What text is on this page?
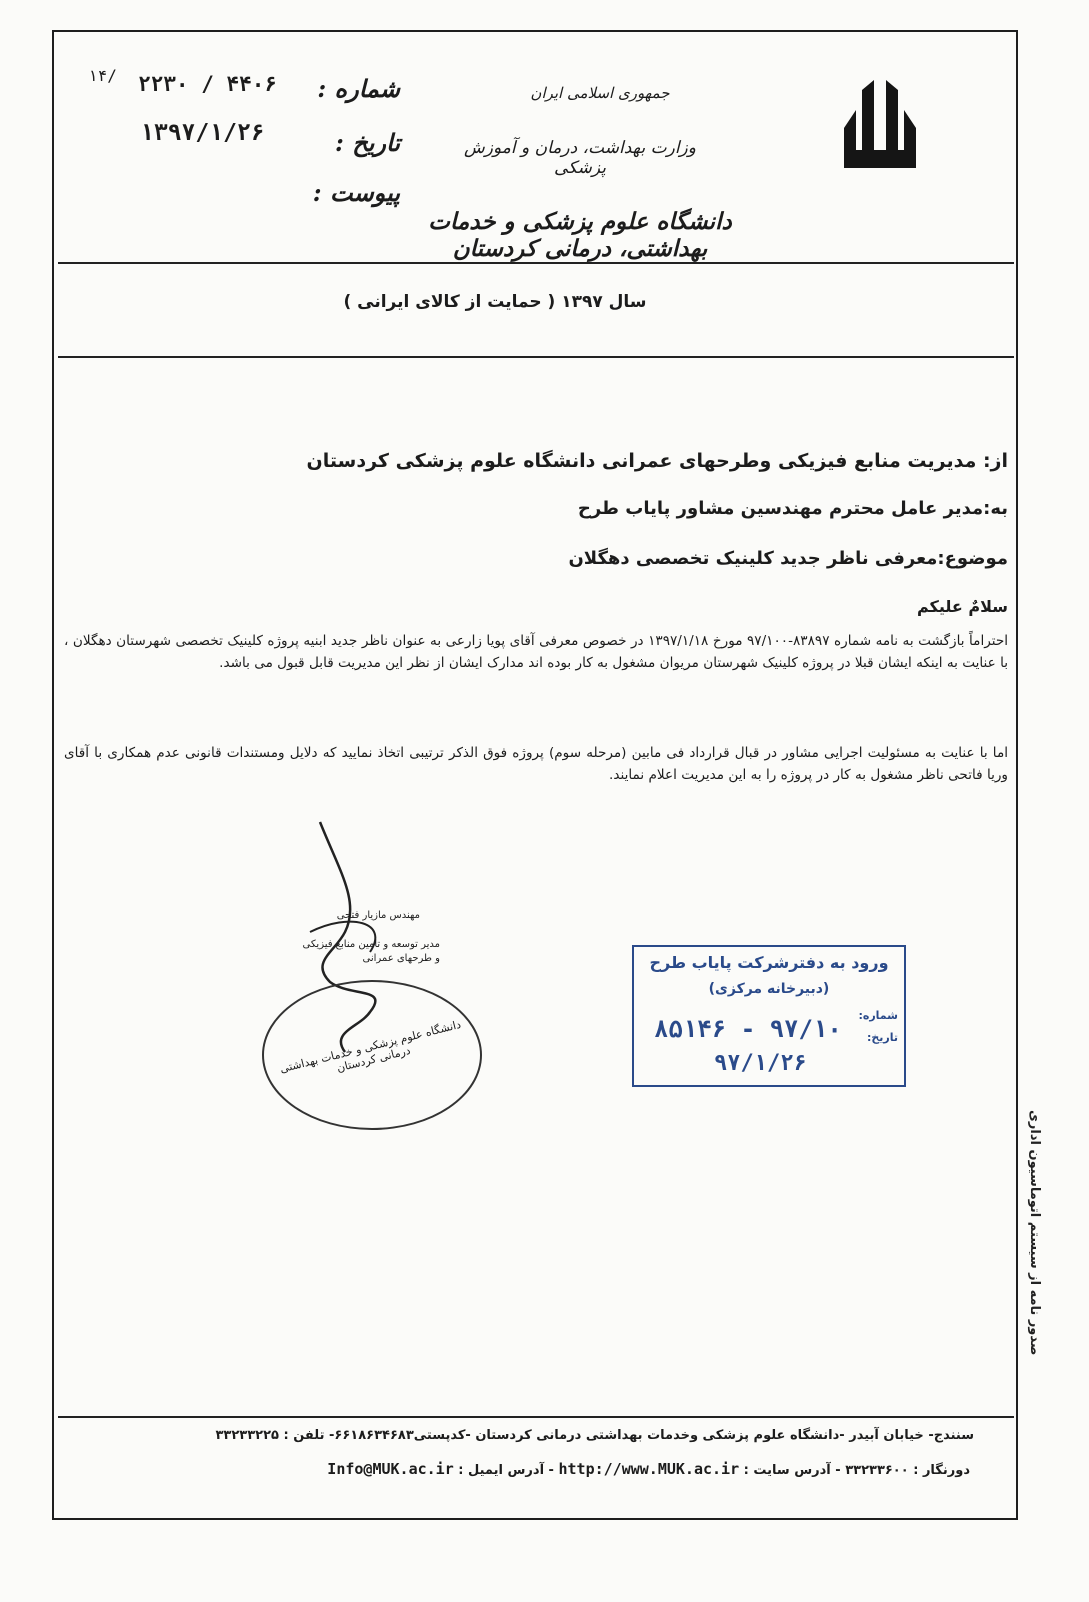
جمهوری اسلامی ایران
وزارت بهداشت، درمان و آموزش پزشکی
دانشگاه علوم پزشکی و خدمات بهداشتی، درمانی کردستان
شماره :
تاریخ :
پیوست :
۱۴/	۲۲۳۰ / ۴۴۰۶
۱۳۹۷/۱/۲۶
سال ۱۳۹۷ ( حمایت از کالای ایرانی )
از: مدیریت منابع فیزیکی وطرحهای عمرانی دانشگاه علوم پزشکی کردستان
به:مدیر عامل محترم مهندسین مشاور پایاب طرح
موضوع:معرفی ناظر جدید کلینیک تخصصی دهگلان
سلامٌ علیکم
احتراماً بازگشت به نامه شماره ۸۳۸۹۷-۹۷/۱۰۰ مورخ ۱۳۹۷/۱/۱۸ در خصوص معرفی آقای پویا زارعی به عنوان ناظر جدید ابنیه پروژه کلینیک تخصصی شهرستان دهگلان ، با عنایت به اینکه ایشان قبلا در پروژه کلینیک شهرستان مریوان مشغول به کار بوده اند مدارک ایشان از نظر این مدیریت قابل قبول می باشد.
اما با عنایت به مسئولیت اجرایی مشاور در قبال قرارداد فی مابین (مرحله سوم) پروژه فوق الذکر ترتیبی اتخاذ نمایید که دلایل ومستندات قانونی عدم همکاری با آقای وریا فاتحی ناظر مشغول به کار در پروژه را به این مدیریت اعلام نمایند.
مهندس مازیار فتحی
مدیر توسعه و تامین منابع فیزیکی و طرحهای عمرانی
دانشگاه علوم پزشکی و خدمات بهداشتی درمانی کردستان
ورود به دفترشرکت پایاب طرح
(دبیرخانه مرکزی)
شماره:
تاریخ:
۸۵۱۴۶ - ۹۷/۱۰
۹۷/۱/۲۶
صدور نامه از سیستم اتوماسیون اداری
سنندج- خیابان آبیدر -دانشگاه علوم پزشکی وخدمات بهداشتی درمانی کردستان -کدپستی۶۶۱۸۶۳۴۶۸۳- تلفن : ۳۳۲۳۳۲۲۵
دورنگار : ۳۳۲۳۳۶۰۰ - آدرس سایت : http://www.MUK.ac.ir - آدرس ایمیل : Info@MUK.ac.ir
